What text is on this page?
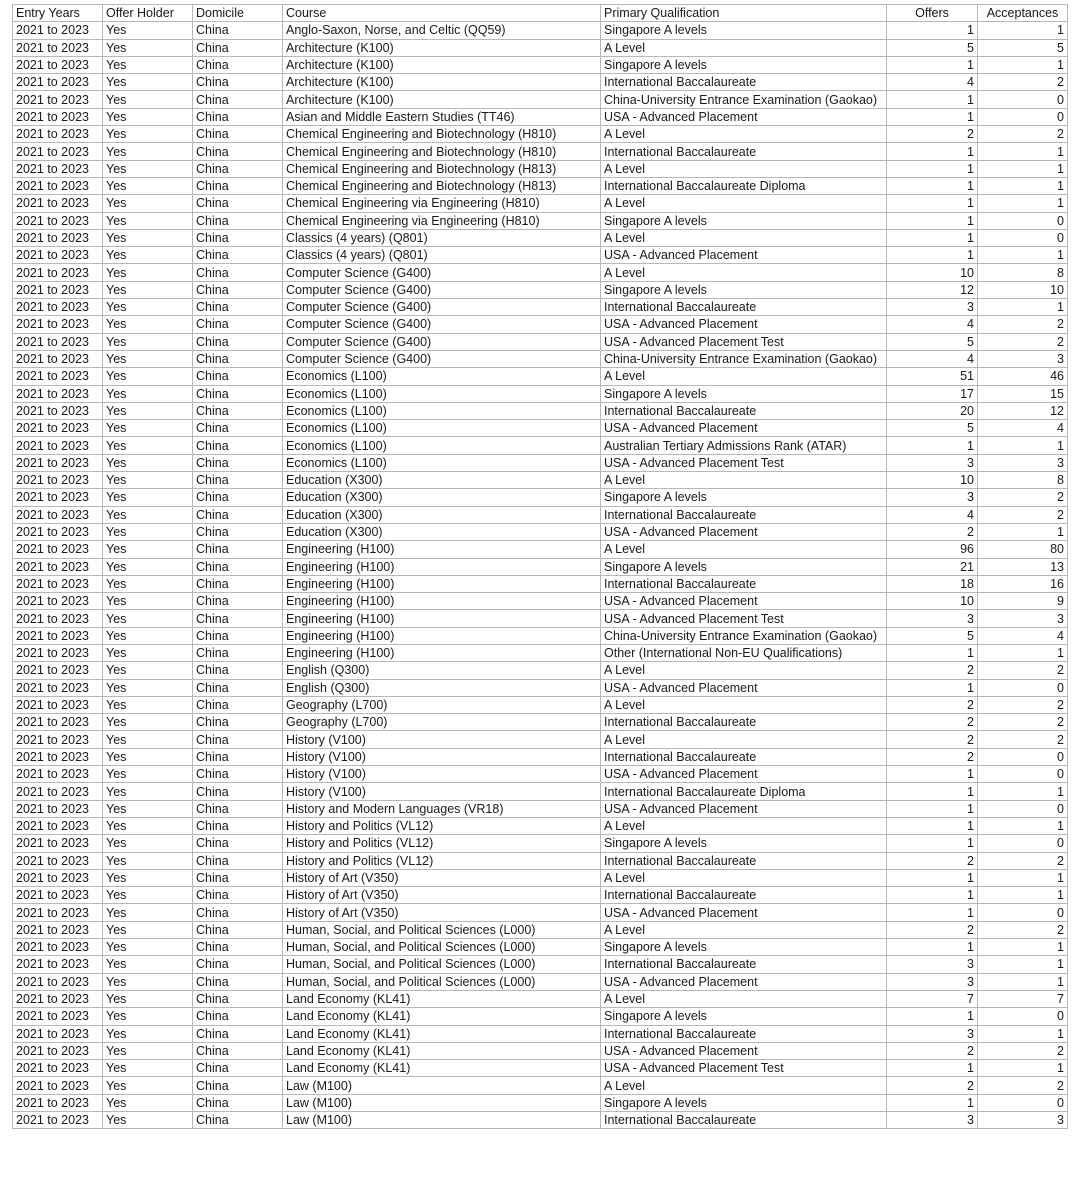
Entry Years	Offer Holder	Domicile	Course	Primary Qualification	Offers	Acceptances
2021 to 2023	Yes	China	Anglo-Saxon, Norse, and Celtic (QQ59)	Singapore A levels	1	1
2021 to 2023	Yes	China	Architecture (K100)	A Level	5	5
2021 to 2023	Yes	China	Architecture (K100)	Singapore A levels	1	1
2021 to 2023	Yes	China	Architecture (K100)	International Baccalaureate	4	2
2021 to 2023	Yes	China	Architecture (K100)	China-University Entrance Examination (Gaokao)	1	0
2021 to 2023	Yes	China	Asian and Middle Eastern Studies (TT46)	USA - Advanced Placement	1	0
2021 to 2023	Yes	China	Chemical Engineering and Biotechnology (H810)	A Level	2	2
2021 to 2023	Yes	China	Chemical Engineering and Biotechnology (H810)	International Baccalaureate	1	1
2021 to 2023	Yes	China	Chemical Engineering and Biotechnology (H813)	A Level	1	1
2021 to 2023	Yes	China	Chemical Engineering and Biotechnology (H813)	International Baccalaureate Diploma	1	1
2021 to 2023	Yes	China	Chemical Engineering via Engineering (H810)	A Level	1	1
2021 to 2023	Yes	China	Chemical Engineering via Engineering (H810)	Singapore A levels	1	0
2021 to 2023	Yes	China	Classics (4 years) (Q801)	A Level	1	0
2021 to 2023	Yes	China	Classics (4 years) (Q801)	USA - Advanced Placement	1	1
2021 to 2023	Yes	China	Computer Science (G400)	A Level	10	8
2021 to 2023	Yes	China	Computer Science (G400)	Singapore A levels	12	10
2021 to 2023	Yes	China	Computer Science (G400)	International Baccalaureate	3	1
2021 to 2023	Yes	China	Computer Science (G400)	USA - Advanced Placement	4	2
2021 to 2023	Yes	China	Computer Science (G400)	USA - Advanced Placement Test	5	2
2021 to 2023	Yes	China	Computer Science (G400)	China-University Entrance Examination (Gaokao)	4	3
2021 to 2023	Yes	China	Economics (L100)	A Level	51	46
2021 to 2023	Yes	China	Economics (L100)	Singapore A levels	17	15
2021 to 2023	Yes	China	Economics (L100)	International Baccalaureate	20	12
2021 to 2023	Yes	China	Economics (L100)	USA - Advanced Placement	5	4
2021 to 2023	Yes	China	Economics (L100)	Australian Tertiary Admissions Rank (ATAR)	1	1
2021 to 2023	Yes	China	Economics (L100)	USA - Advanced Placement Test	3	3
2021 to 2023	Yes	China	Education (X300)	A Level	10	8
2021 to 2023	Yes	China	Education (X300)	Singapore A levels	3	2
2021 to 2023	Yes	China	Education (X300)	International Baccalaureate	4	2
2021 to 2023	Yes	China	Education (X300)	USA - Advanced Placement	2	1
2021 to 2023	Yes	China	Engineering (H100)	A Level	96	80
2021 to 2023	Yes	China	Engineering (H100)	Singapore A levels	21	13
2021 to 2023	Yes	China	Engineering (H100)	International Baccalaureate	18	16
2021 to 2023	Yes	China	Engineering (H100)	USA - Advanced Placement	10	9
2021 to 2023	Yes	China	Engineering (H100)	USA - Advanced Placement Test	3	3
2021 to 2023	Yes	China	Engineering (H100)	China-University Entrance Examination (Gaokao)	5	4
2021 to 2023	Yes	China	Engineering (H100)	Other (International Non-EU Qualifications)	1	1
2021 to 2023	Yes	China	English (Q300)	A Level	2	2
2021 to 2023	Yes	China	English (Q300)	USA - Advanced Placement	1	0
2021 to 2023	Yes	China	Geography (L700)	A Level	2	2
2021 to 2023	Yes	China	Geography (L700)	International Baccalaureate	2	2
2021 to 2023	Yes	China	History (V100)	A Level	2	2
2021 to 2023	Yes	China	History (V100)	International Baccalaureate	2	0
2021 to 2023	Yes	China	History (V100)	USA - Advanced Placement	1	0
2021 to 2023	Yes	China	History (V100)	International Baccalaureate Diploma	1	1
2021 to 2023	Yes	China	History and Modern Languages (VR18)	USA - Advanced Placement	1	0
2021 to 2023	Yes	China	History and Politics (VL12)	A Level	1	1
2021 to 2023	Yes	China	History and Politics (VL12)	Singapore A levels	1	0
2021 to 2023	Yes	China	History and Politics (VL12)	International Baccalaureate	2	2
2021 to 2023	Yes	China	History of Art (V350)	A Level	1	1
2021 to 2023	Yes	China	History of Art (V350)	International Baccalaureate	1	1
2021 to 2023	Yes	China	History of Art (V350)	USA - Advanced Placement	1	0
2021 to 2023	Yes	China	Human, Social, and Political Sciences (L000)	A Level	2	2
2021 to 2023	Yes	China	Human, Social, and Political Sciences (L000)	Singapore A levels	1	1
2021 to 2023	Yes	China	Human, Social, and Political Sciences (L000)	International Baccalaureate	3	1
2021 to 2023	Yes	China	Human, Social, and Political Sciences (L000)	USA - Advanced Placement	3	1
2021 to 2023	Yes	China	Land Economy (KL41)	A Level	7	7
2021 to 2023	Yes	China	Land Economy (KL41)	Singapore A levels	1	0
2021 to 2023	Yes	China	Land Economy (KL41)	International Baccalaureate	3	1
2021 to 2023	Yes	China	Land Economy (KL41)	USA - Advanced Placement	2	2
2021 to 2023	Yes	China	Land Economy (KL41)	USA - Advanced Placement Test	1	1
2021 to 2023	Yes	China	Law (M100)	A Level	2	2
2021 to 2023	Yes	China	Law (M100)	Singapore A levels	1	0
2021 to 2023	Yes	China	Law (M100)	International Baccalaureate	3	3
